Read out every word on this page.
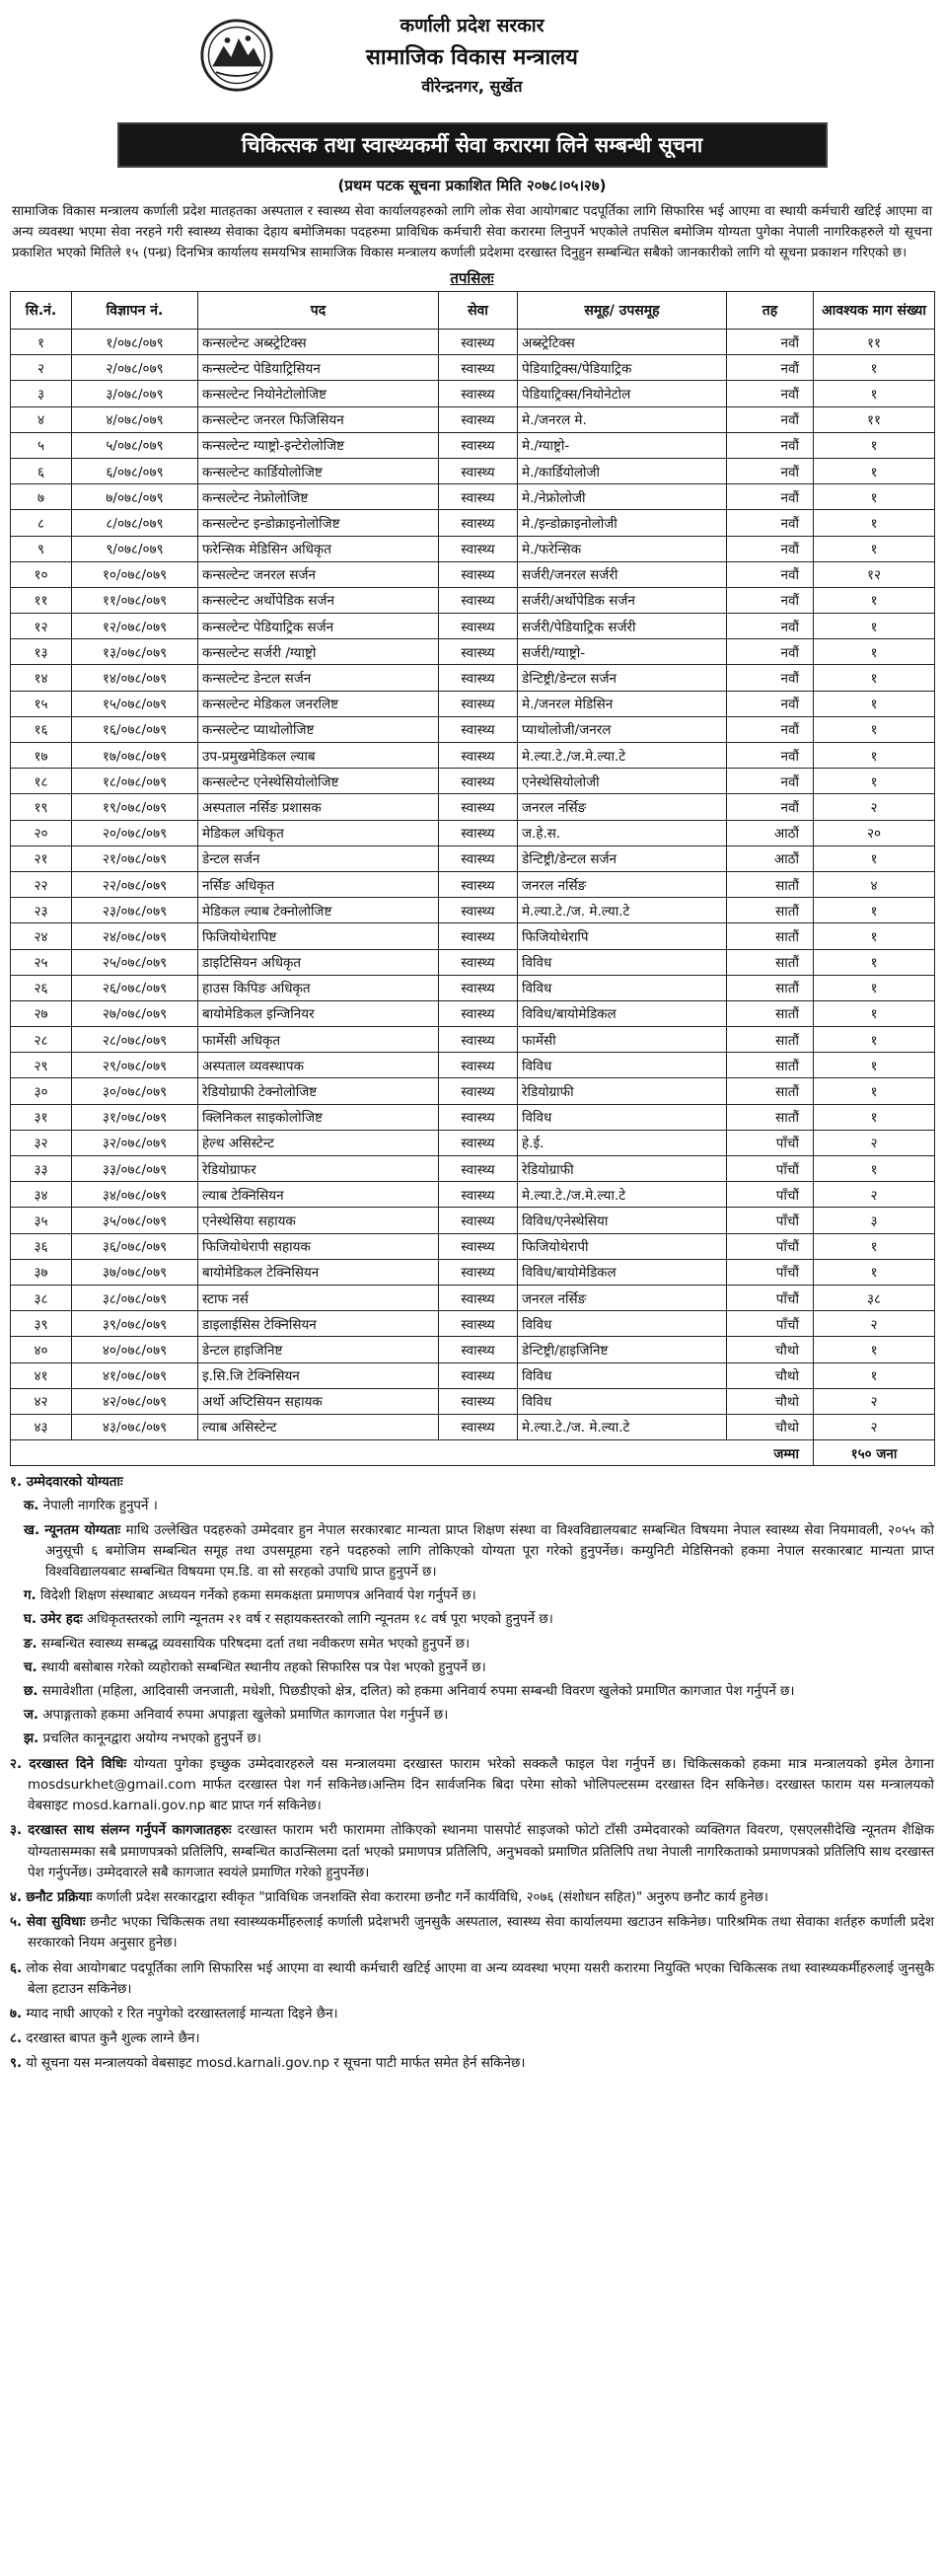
कर्णाली प्रदेश सरकार
सामाजिक विकास मन्त्रालय
वीरेन्द्रनगर, सुर्खेत
चिकित्सक तथा स्वास्थ्यकर्मी सेवा करारमा लिने सम्बन्धी सूचना
(प्रथम पटक सूचना प्रकाशित मिति २०७८।०५।२७)

सामाजिक विकास मन्त्रालय कर्णाली प्रदेश मातहतका अस्पताल र स्वास्थ्य सेवा कार्यालयहरुको लागि लोक सेवा आयोगबाट पदपूर्तिका लागि सिफारिस भई आएमा वा स्थायी कर्मचारी खटिई आएमा वा अन्य व्यवस्था भएमा सेवा नरहने गरी स्वास्थ्य सेवाका देहाय बमोजिमका पदहरुमा प्राविधिक कर्मचारी सेवा करारमा लिनुपर्ने भएकोले तपसिल बमोजिम योग्यता पुगेका नेपाली नागरिकहरुले यो सूचना प्रकाशित भएको मितिले १५ (पन्ध्र) दिनभित्र कार्यालय समयभित्र सामाजिक विकास मन्त्रालय कर्णाली प्रदेशमा दरखास्त दिनुहुन सम्बन्धित सबैको जानकारीको लागि यो सूचना प्रकाशन गरिएको छ।

तपसिलः
सि.नं.	विज्ञापन नं.	पद	सेवा	समूह/ उपसमूह	तह	आवश्यक माग संख्या
१	१/०७८/०७९	कन्सल्टेन्ट अब्स्ट्रेटिक्स	स्वास्थ्य	अब्स्ट्रेटिक्स	नवौं	११
२	२/०७८/०७९	कन्सल्टेन्ट पेडियाट्रिसियन	स्वास्थ्य	पेडियाट्रिक्स/पेडियाट्रिक	नवौं	१
३	३/०७८/०७९	कन्सल्टेन्ट नियोनेटोलोजिष्ट	स्वास्थ्य	पेडियाट्रिक्स/नियोनेटोल	नवौं	१
४	४/०७८/०७९	कन्सल्टेन्ट जनरल फिजिसियन	स्वास्थ्य	मे./जनरल मे.	नवौं	११
५	५/०७८/०७९	कन्सल्टेन्ट ग्याष्ट्रो-इन्टेरोलोजिष्ट	स्वास्थ्य	मे./ग्याष्ट्रो-	नवौं	१
६	६/०७८/०७९	कन्सल्टेन्ट कार्डियोलोजिष्ट	स्वास्थ्य	मे./कार्डियोलोजी	नवौं	१
७	७/०७८/०७९	कन्सल्टेन्ट नेफ्रोलोजिष्ट	स्वास्थ्य	मे./नेफ्रोलोजी	नवौं	१
८	८/०७८/०७९	कन्सल्टेन्ट इन्डोक्राइनोलोजिष्ट	स्वास्थ्य	मे./इन्डोक्राइनोलोजी	नवौं	१
९	९/०७८/०७९	फरेन्सिक मेडिसिन अधिकृत	स्वास्थ्य	मे./फरेन्सिक	नवौं	१
१०	१०/०७८/०७९	कन्सल्टेन्ट जनरल सर्जन	स्वास्थ्य	सर्जरी/जनरल सर्जरी	नवौं	१२
११	११/०७८/०७९	कन्सल्टेन्ट अर्थोपेडिक सर्जन	स्वास्थ्य	सर्जरी/अर्थोपेडिक सर्जन	नवौं	१
१२	१२/०७८/०७९	कन्सल्टेन्ट पेडियाट्रिक सर्जन	स्वास्थ्य	सर्जरी/पेडियाट्रिक सर्जरी	नवौं	१
१३	१३/०७८/०७९	कन्सल्टेन्ट सर्जरी /ग्याष्ट्रो	स्वास्थ्य	सर्जरी/ग्याष्ट्रो-	नवौं	१
१४	१४/०७८/०७९	कन्सल्टेन्ट डेन्टल सर्जन	स्वास्थ्य	डेन्टिष्ट्री/डेन्टल सर्जन	नवौं	१
१५	१५/०७८/०७९	कन्सल्टेन्ट मेडिकल जनरलिष्ट	स्वास्थ्य	मे./जनरल मेडिसिन	नवौं	१
१६	१६/०७८/०७९	कन्सल्टेन्ट प्याथोलोजिष्ट	स्वास्थ्य	प्याथोलोजी/जनरल	नवौं	१
१७	१७/०७८/०७९	उप-प्रमुखमेडिकल ल्याब	स्वास्थ्य	मे.ल्या.टे./ज.मे.ल्या.टे	नवौं	१
१८	१८/०७८/०७९	कन्सल्टेन्ट एनेस्थेसियोलोजिष्ट	स्वास्थ्य	एनेस्थेसियोलोजी	नवौं	१
१९	१९/०७८/०७९	अस्पताल नर्सिङ प्रशासक	स्वास्थ्य	जनरल नर्सिङ	नवौं	२
२०	२०/०७८/०७९	मेडिकल अधिकृत	स्वास्थ्य	ज.हे.स.	आठौं	२०
२१	२१/०७८/०७९	डेन्टल सर्जन	स्वास्थ्य	डेन्टिष्ट्री/डेन्टल सर्जन	आठौं	१
२२	२२/०७८/०७९	नर्सिङ अधिकृत	स्वास्थ्य	जनरल नर्सिङ	सातौं	४
२३	२३/०७८/०७९	मेडिकल ल्याब टेक्नोलोजिष्ट	स्वास्थ्य	मे.ल्या.टे./ज. मे.ल्या.टे	सातौं	१
२४	२४/०७८/०७९	फिजियोथेरापिष्ट	स्वास्थ्य	फिजियोथेरापि	सातौं	१
२५	२५/०७८/०७९	डाइटिसियन अधिकृत	स्वास्थ्य	विविध	सातौं	१
२६	२६/०७८/०७९	हाउस किपिङ अधिकृत	स्वास्थ्य	विविध	सातौं	१
२७	२७/०७८/०७९	बायोमेडिकल इन्जिनियर	स्वास्थ्य	विविध/बायोमेडिकल	सातौं	१
२८	२८/०७८/०७९	फार्मेसी अधिकृत	स्वास्थ्य	फार्मेसी	सातौं	१
२९	२९/०७८/०७९	अस्पताल व्यवस्थापक	स्वास्थ्य	विविध	सातौं	१
३०	३०/०७८/०७९	रेडियोग्राफी टेक्नोलोजिष्ट	स्वास्थ्य	रेडियोग्राफी	सातौं	१
३१	३१/०७८/०७९	क्लिनिकल साइकोलोजिष्ट	स्वास्थ्य	विविध	सातौं	१
३२	३२/०७८/०७९	हेल्थ असिस्टेन्ट	स्वास्थ्य	हे.ई.	पाँचौं	२
३३	३३/०७८/०७९	रेडियोग्राफर	स्वास्थ्य	रेडियोग्राफी	पाँचौं	१
३४	३४/०७८/०७९	ल्याब टेक्निसियन	स्वास्थ्य	मे.ल्या.टे./ज.मे.ल्या.टे	पाँचौं	२
३५	३५/०७८/०७९	एनेस्थेसिया सहायक	स्वास्थ्य	विविध/एनेस्थेसिया	पाँचौं	३
३६	३६/०७८/०७९	फिजियोथेरापी सहायक	स्वास्थ्य	फिजियोथेरापी	पाँचौं	१
३७	३७/०७८/०७९	बायोमेडिकल टेक्निसियन	स्वास्थ्य	विविध/बायोमेडिकल	पाँचौं	१
३८	३८/०७८/०७९	स्टाफ नर्स	स्वास्थ्य	जनरल नर्सिङ	पाँचौं	३८
३९	३९/०७८/०७९	डाइलाईसिस टेक्निसियन	स्वास्थ्य	विविध	पाँचौं	२
४०	४०/०७८/०७९	डेन्टल हाइजिनिष्ट	स्वास्थ्य	डेन्टिष्ट्री/हाइजिनिष्ट	चौथो	१
४१	४१/०७८/०७९	इ.सि.जि टेक्निसियन	स्वास्थ्य	विविध	चौथो	१
४२	४२/०७८/०७९	अर्थो अप्टिसियन सहायक	स्वास्थ्य	विविध	चौथो	२
४३	४३/०७८/०७९	ल्याब असिस्टेन्ट	स्वास्थ्य	मे.ल्या.टे./ज. मे.ल्या.टे	चौथो	२
जम्मा						१५० जना

१. उम्मेदवारको योग्यताः

क. नेपाली नागरिक हुनुपर्ने ।

ख. न्यूनतम योग्यताः माथि उल्लेखित पदहरुको उम्मेदवार हुन नेपाल सरकारबाट मान्यता प्राप्त शिक्षण संस्था वा विश्वविद्यालयबाट सम्बन्धित विषयमा नेपाल स्वास्थ्य सेवा नियमावली, २०५५ को अनुसूची ६ बमोजिम सम्बन्धित समूह तथा उपसमूहमा रहने पदहरुको लागि तोकिएको योग्यता पूरा गरेको हुनुपर्नेछ। कम्युनिटी मेडिसिनको हकमा नेपाल सरकारबाट मान्यता प्राप्त विश्वविद्यालयबाट सम्बन्धित विषयमा एम.डि. वा सो सरहको उपाधि प्राप्त हुनुपर्ने छ।

ग. विदेशी शिक्षण संस्थाबाट अध्ययन गर्नेको हकमा समकक्षता प्रमाणपत्र अनिवार्य पेश गर्नुपर्ने छ।

घ. उमेर हदः अधिकृतस्तरको लागि न्यूनतम २१ वर्ष र सहायकस्तरको लागि न्यूनतम १८ वर्ष पूरा भएको हुनुपर्ने छ।

ङ. सम्बन्धित स्वास्थ्य सम्बद्ध व्यवसायिक परिषदमा दर्ता तथा नवीकरण समेत भएको हुनुपर्ने छ।

च. स्थायी बसोबास गरेको व्यहोराको सम्बन्धित स्थानीय तहको सिफारिस पत्र पेश भएको हुनुपर्ने छ।

छ. समावेशीता (महिला, आदिवासी जनजाती, मधेशी, पिछडीएको क्षेत्र, दलित) को हकमा अनिवार्य रुपमा सम्बन्धी विवरण खुलेको प्रमाणित कागजात पेश गर्नुपर्ने छ।

ज. अपाङ्गताको हकमा अनिवार्य रुपमा अपाङ्गता खुलेको प्रमाणित कागजात पेश गर्नुपर्ने छ।

झ. प्रचलित कानूनद्वारा अयोग्य नभएको हुनुपर्ने छ।

२. दरखास्त दिने विधिः योग्यता पुगेका इच्छुक उम्मेदवारहरुले यस मन्त्रालयमा दरखास्त फाराम भरेको सक्कलै फाइल पेश गर्नुपर्ने छ। चिकित्सकको हकमा मात्र मन्त्रालयको इमेल ठेगाना mosdsurkhet@gmail.com मार्फत दरखास्त पेश गर्न सकिनेछ।अन्तिम दिन सार्वजनिक बिदा परेमा सोको भोलिपल्टसम्म दरखास्त दिन सकिनेछ। दरखास्त फाराम यस मन्त्रालयको वेबसाइट mosd.karnali.gov.np बाट प्राप्त गर्न सकिनेछ।

३. दरखास्त साथ संलग्न गर्नुपर्ने कागजातहरुः दरखास्त फाराम भरी फाराममा तोकिएको स्थानमा पासपोर्ट साइजको फोटो टाँसी उम्मेदवारको व्यक्तिगत विवरण, एसएलसीदेखि न्यूनतम शैक्षिक योग्यतासम्मका सबै प्रमाणपत्रको प्रतिलिपि, सम्बन्धित काउन्सिलमा दर्ता भएको प्रमाणपत्र प्रतिलिपि, अनुभवको प्रमाणित प्रतिलिपि तथा नेपाली नागरिकताको प्रमाणपत्रको प्रतिलिपि साथ दरखास्त पेश गर्नुपर्नेछ। उम्मेदवारले सबै कागजात स्वयंले प्रमाणित गरेको हुनुपर्नेछ।

४. छनौट प्रक्रियाः कर्णाली प्रदेश सरकारद्वारा स्वीकृत "प्राविधिक जनशक्ति सेवा करारमा छनौट गर्ने कार्यविधि, २०७६ (संशोधन सहित)" अनुरुप छनौट कार्य हुनेछ।

५. सेवा सुविधाः छनौट भएका चिकित्सक तथा स्वास्थ्यकर्मीहरुलाई कर्णाली प्रदेशभरी जुनसुकै अस्पताल, स्वास्थ्य सेवा कार्यालयमा खटाउन सकिनेछ। पारिश्रमिक तथा सेवाका शर्तहरु कर्णाली प्रदेश सरकारको नियम अनुसार हुनेछ।

६. लोक सेवा आयोगबाट पदपूर्तिका लागि सिफारिस भई आएमा वा स्थायी कर्मचारी खटिई आएमा वा अन्य व्यवस्था भएमा यसरी करारमा नियुक्ति भएका चिकित्सक तथा स्वास्थ्यकर्मीहरुलाई जुनसुकै बेला हटाउन सकिनेछ।

७. म्याद नाघी आएको र रित नपुगेको दरखास्तलाई मान्यता दिइने छैन।

८. दरखास्त बापत कुनै शुल्क लाग्ने छैन।

९. यो सूचना यस मन्त्रालयको वेबसाइट mosd.karnali.gov.np र सूचना पाटी मार्फत समेत हेर्न सकिनेछ।
